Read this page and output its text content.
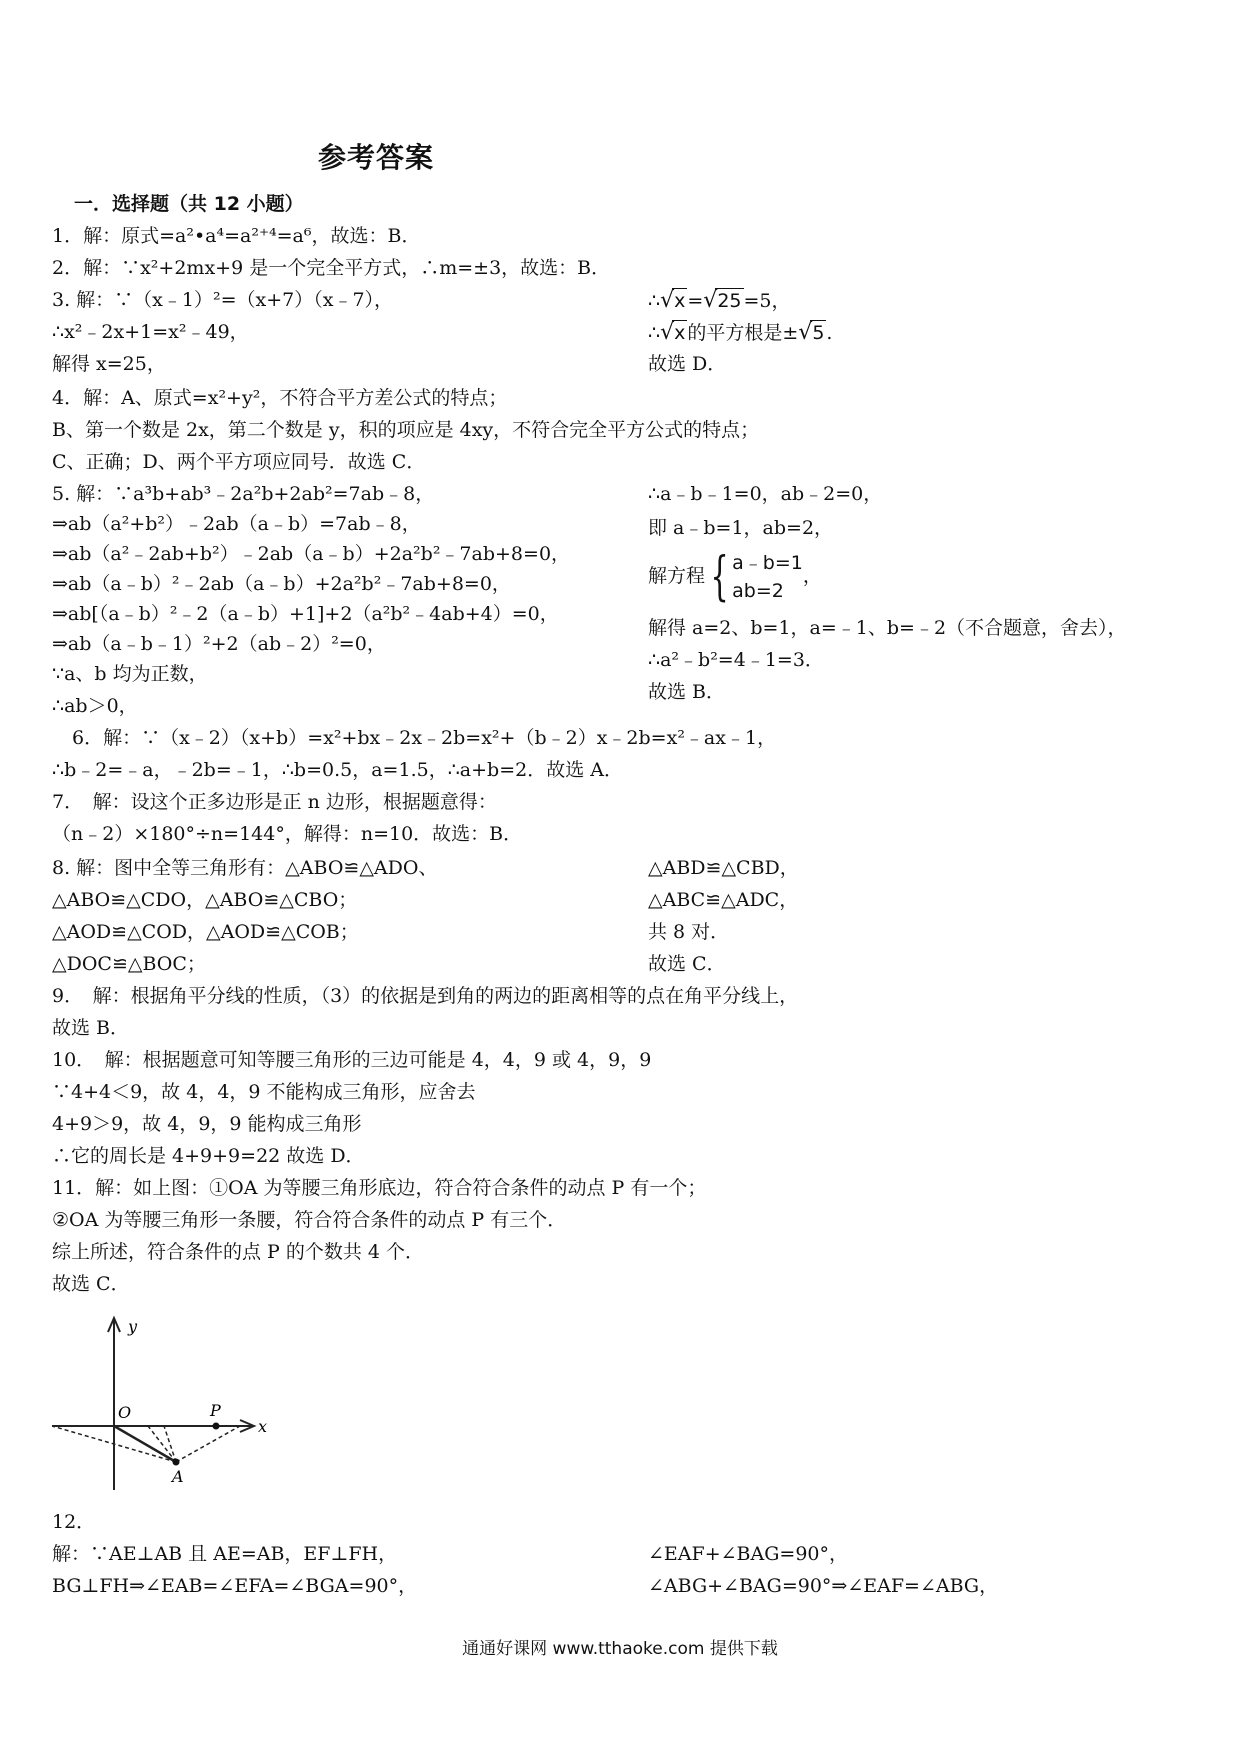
参考答案
一．选择题（共 12 小题）
1．解：原式=a²•a⁴=a²⁺⁴=a⁶，故选：B．
2．解：∵x²+2mx+9 是一个完全平方式，∴m=±3，故选：B．
3. 解：∵（x﹣1）²=（x+7）（x﹣7），
∴x²﹣2x+1=x²﹣49，
解得 x=25，
∴√x =√25 =5，
∴√x 的平方根是±√5 .
故选 D．
4．解：A、原式=x²+y²，不符合平方差公式的特点；
B、第一个数是 2x，第二个数是 y，积的项应是 4xy，不符合完全平方公式的特点；
C、正确；D、两个平方项应同号．故选 C．
5. 解：∵a³b+ab³﹣2a²b+2ab²=7ab﹣8，
⇒ab（a²+b²）﹣2ab（a﹣b）=7ab﹣8，
⇒ab（a²﹣2ab+b²）﹣2ab（a﹣b）+2a²b²﹣7ab+8=0，
⇒ab（a﹣b）²﹣2ab（a﹣b）+2a²b²﹣7ab+8=0，
⇒ab[（a﹣b）²﹣2（a﹣b）+1]+2（a²b²﹣4ab+4）=0，
⇒ab（a﹣b﹣1）²+2（ab﹣2）²=0，
∵a、b 均为正数，
∴ab＞0，
∴a﹣b﹣1=0，ab﹣2=0，
即 a﹣b=1，ab=2，
解方程 { a﹣b=1
ab=2
，
解得 a=2、b=1，a=﹣1、b=﹣2（不合题意，舍去），
∴a²﹣b²=4﹣1=3．
故选 B．
6．解：∵（x﹣2）（x+b）=x²+bx﹣2x﹣2b=x²+（b﹣2）x﹣2b=x²﹣ax﹣1，
∴b﹣2=﹣a，﹣2b=﹣1，∴b=0.5，a=1.5，∴a+b=2．故选 A．
7．　解：设这个正多边形是正 n 边形，根据题意得：
（n﹣2）×180°÷n=144°，解得：n=10．故选：B．
8. 解：图中全等三角形有：△ABO≌△ADO、
△ABO≌△CDO，△ABO≌△CBO；
△AOD≌△COD，△AOD≌△COB；
△DOC≌△BOC；
△ABD≌△CBD，
△ABC≌△ADC，
共 8 对．
故选 C．
9．　解：根据角平分线的性质，（3）的依据是到角的两边的距离相等的点在角平分线上，
故选 B．
10．　解：根据题意可知等腰三角形的三边可能是 4，4，9 或 4，9，9
∵4+4＜9，故 4，4，9 不能构成三角形，应舍去
4+9＞9，故 4，9，9 能构成三角形
∴它的周长是 4+9+9=22 故选 D．
11．解：如上图：①OA 为等腰三角形底边，符合符合条件的动点 P 有一个；
②OA 为等腰三角形一条腰，符合符合条件的动点 P 有三个．
综上所述，符合条件的点 P 的个数共 4 个．
故选 C．
y
x
O	P
A
12．
解：∵AE⊥AB 且 AE=AB，EF⊥FH，
BG⊥FH⇒∠EAB=∠EFA=∠BGA=90°，
∠EAF+∠BAG=90°，
∠ABG+∠BAG=90°⇒∠EAF=∠ABG，
通通好课网 www.tthaoke.com 提供下载
